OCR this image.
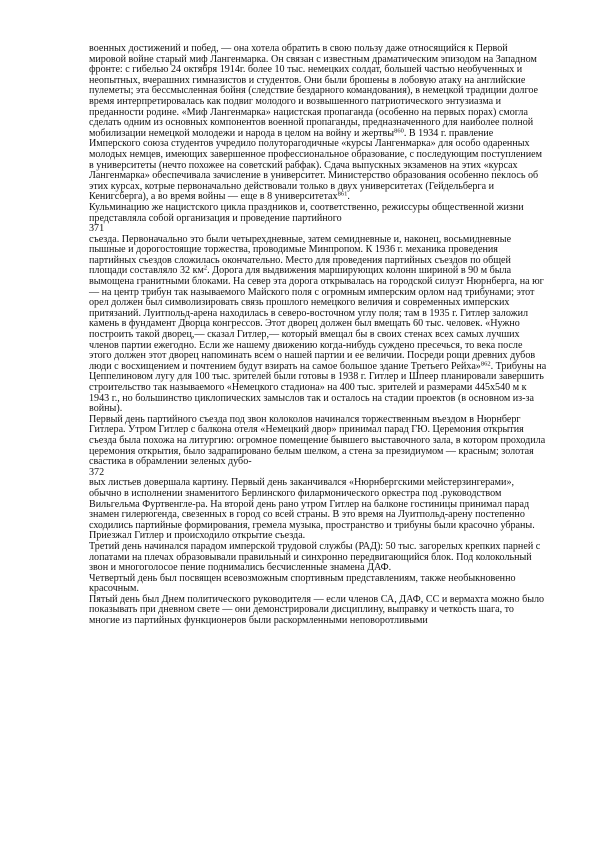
военных достижений и побед, — она хотела обратить в свою пользу даже относящийся к Первой мировой войне старый миф Лангенмарка. Он связан с известным драматическим эпизодом на Западном фронте: с гибелью 24 октября 1914г. более 10 тыс. немецких солдат, большей частью необученных и неопытных, вчерашних гимназистов и студентов. Они были брошены в лобовую атаку на английские пулеметы; эта бессмысленная бойня (следствие бездарного командования), в немецкой традиции долгое время интерпретировалась как подвиг молодого и возвышенного патриотического энтузиазма и преданности родине. «Миф Лангенмарка» нацистская пропаганда (особенно на первых порах) смогла сделать одним из основных компонентов военной пропаганды, предназначенного для наиболее полной мобилизации немецкой молодежи и народа в целом на войну и жертвы$^{860}$. В 1934 г. правление Имперского союза студентов учредило полуторагодичные «курсы Лангенмарка» для особо одаренных молодых немцев, имеющих завершенное профессиональное образование, с последующим поступлением в университеты (нечто похожее на советский рабфак). Сдача выпускных экзаменов на этих «курсах Лангенмарка» обеспечивала зачисление в университет. Министерство образования особенно пеклось об этих курсах, котрые первоначально действовали только в двух университетах (Гейдельберга и Кенигсберга), а во время войны — еще в 8 университетах$^{861}$.

Кульминацию же нацистского цикла праздников и, соответственно, режиссуры общественной жизни представляла собой организация и проведение партийного

371

съезда. Первоначально это были четырехдневные, затем семидневные и, наконец, восьмидневные пышные и дорогостоящие торжества, проводимые Минпропом. К 1936 г. механика проведения партийных съездов сложилась окончательно. Место для проведения партийных съездов по общей площади составляло 32 $км^2$. Дорога для выдвижения марширующих колонн шириной в 90 м была вымощена гранитными блоками. На север эта дорога открывалась на городской силуэт Нюрнберга, на юг — на центр трибун так называемого Майского поля с огромным имперским орлом над трибунами; этот орел должен был символизировать связь прошлого немецкого величия и современных имперских притязаний. Луитпольд-арена находилась в северо-восточном углу поля; там в 1935 г. Гитлер заложил камень в фундамент Дворца конгрессов. Этот дворец должен был вмещать 60 тыс. человек. «Нужно построить такой дворец,— сказал Гитлер,— который вмещал бы в своих стенах всех самых лучших членов партии ежегодно. Если же нашему движению когда-нибудь суждено пресечься, то века после этого должен этот дворец напоминать всем о нашей партии и ее величии. Посреди рощи древних дубов люди с восхищением и почтением будут взирать на самое большое здание Третьего Рейха»$^{862}$. Трибуны на Цеппелиновом лугу для 100 тыс. зрителей были готовы в 1938 г. Гитлер и Шпеер планировали завершить строительство так называемого «Немецкого стадиона» на 400 тыс. зрителей и размерами 445x540 м к 1943 г., но большинство циклопических замыслов так и осталось на стадии проектов (в основном из-за войны).

Первый день партийного съезда под звон колоколов начинался торжественным въездом в Нюрнберг Гитлера. Утром Гитлер с балкона отеля «Немецкий двор» принимал парад ГЮ. Церемония открытия съезда была похожа на литургию: огромное помещение бывшего выставочного зала, в котором проходила церемония открытия, было задрапировано белым шелком, а стена за президиумом — красным; золотая свастика в обрамлении зеленых дубо-

372

вых листьев довершала картину. Первый день заканчивался «Нюрнбергскими мейстерзингерами», обычно в исполнении знаменитого Берлинского филармонического оркестра под .руководством Вильгельма Фуртвенгле-ра. На второй день рано утром Гитлер на балконе гостиницы принимал парад знамен гилерюгенда, свезенных в город со всей страны. В это время на Луитпольд-арену постепенно сходились партийные формирования, гремела музыка, пространство и трибуны были красочно убраны. Приезжал Гитлер и происходило открытие съезда.

Третий день начинался парадом имперской трудовой службы (РАД): 50 тыс. загорелых крепких парней с лопатами на плечах образовывали правильный и синхронно передвигающийся блок. Под колокольный звон и многоголосое пение поднимались бесчисленные знамена ДАФ.

Четвертый день был посвящен всевозможным спортивным представлениям, также необыкновенно красочным.

Пятый день был Днем политического руководителя — если членов СА, ДАФ, СС и вермахта можно было показывать при дневном свете — они демонстрировали дисциплину, выправку и четкость шага, то многие из партийных функционеров были раскормленными неповоротливыми
